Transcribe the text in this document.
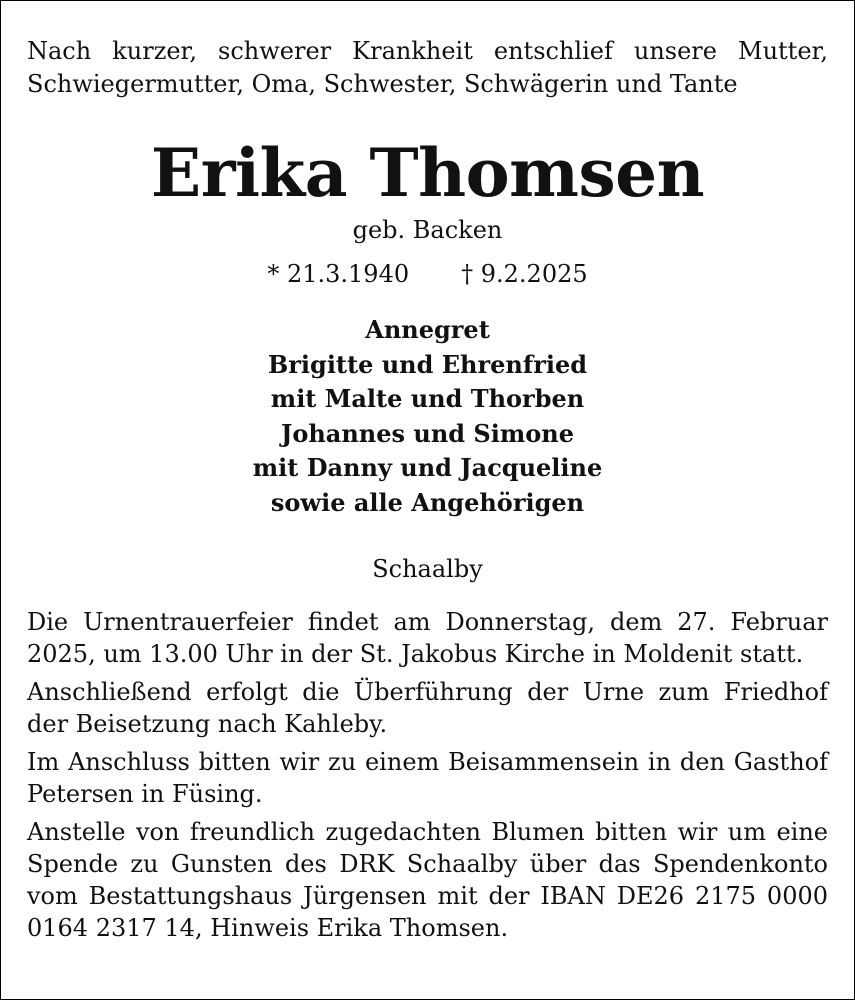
Nach kurzer, schwerer Krankheit entschlief unsere Mutter,
Schwiegermutter, Oma, Schwester, Schwägerin und Tante

Erika Thomsen
geb. Backen
* 21.3.1940 † 9.2.2025
Annegret
Brigitte und Ehrenfried
mit Malte und Thorben
Johannes und Simone
mit Danny und Jacqueline
sowie alle Angehörigen
Schaalby

Die Urnentrauerfeier findet am Donnerstag, dem 27. Februar 2025, um 13.00 Uhr in der St. Jakobus Kirche in Moldenit statt.

Anschließend erfolgt die Überführung der Urne zum Friedhof der Beisetzung nach Kahleby.

Im Anschluss bitten wir zu einem Beisammensein in den Gasthof Petersen in Füsing.

Anstelle von freundlich zugedachten Blumen bitten wir um eine Spende zu Gunsten des DRK Schaalby über das Spendenkonto vom Bestattungshaus Jürgensen mit der IBAN DE26 2175 0000 0164 2317 14, Hinweis Erika Thomsen.
